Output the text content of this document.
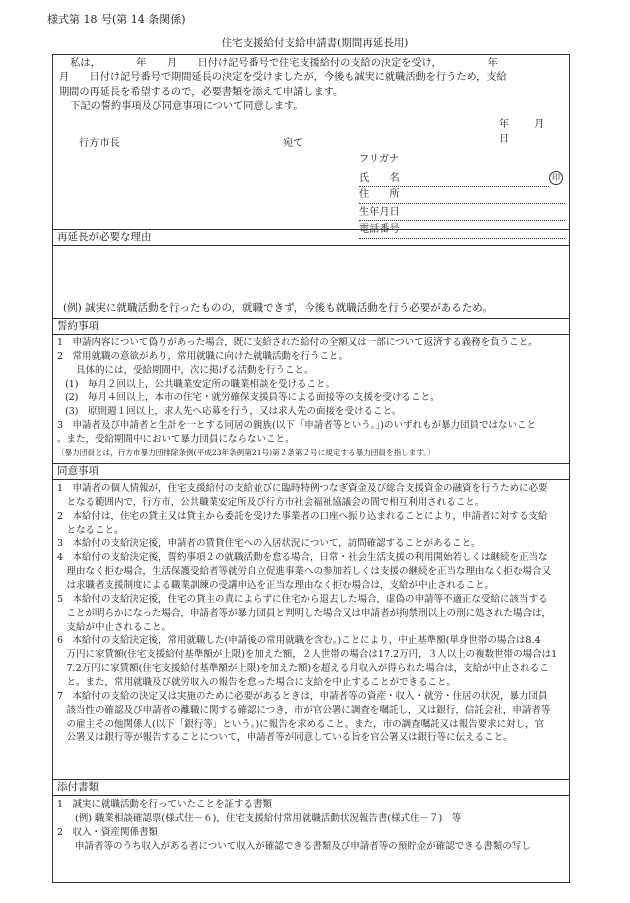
様式第 18 号(第 14 条関係)
住宅支援給付支給申請書(期間再延長用)

私は，　　　　年　　月　　日付け記号番号で住宅支援給付の支給の決定を受け，　　　　　年

月　　日付け記号番号で期間延長の決定を受けましたが，今後も誠実に就職活動を行うため，支給

期間の再延長を希望するので，必要書類を添えて申請します。

下記の誓約事項及び同意事項について同意します。

年 月 日
行方市長	宛て
フリガナ
氏　　名	印
住　　所
生年月日
電話番号
再延長が必要な理由
(例) 誠実に就職活動を行ったものの，就職できず，今後も就職活動を行う必要があるため。
誓約事項

1　申請内容について偽りがあった場合，既に支給された給付の全額又は一部について返済する義務を負うこと。

2　常用就職の意欲があり，常用就職に向けた就職活動を行うこと。

　　具体的には，受給期間中，次に掲げる活動を行うこと。

(1)　毎月２回以上，公共職業安定所の職業相談を受けること。

(2)　毎月４回以上，本市の住宅・就労確保支援員等による面接等の支援を受けること。

(3)　原則週１回以上，求人先へ応募を行う，又は求人先の面接を受けること。

3　申請者及び申請者と生計を一とする同居の親族(以下「申請者等という。」)のいずれもが暴力団員ではないこと

。また，受給期間中において暴力団員にならないこと。

〔暴力団員とは，行方市暴力団排除条例(平成23年条例第21号)第２条第２号に規定する暴力団員を指します。〕

同意事項

1　申請者の個人情報が，住宅支援給付の支給並びに臨時特例つなぎ資金及び総合支援資金の融資を行うために必要

　となる範囲内で，行方市，公共職業安定所及び行方市社会福祉協議会の間で相互利用されること。

2　本給付は，住宅の貸主又は貸主から委託を受けた事業者の口座へ振り込まれることにより，申請者に対する支給

　となること。

3　本給付の支給決定後，申請者の賃貸住宅への入居状況について，訪問確認することがあること。

4　本給付の支給決定後，誓約事項２の就職活動を怠る場合，日常・社会生活支援の利用開始若しくは継続を正当な

　理由なく拒む場合，生活保護受給者等就労自立促進事業への参加若しくは支援の継続を正当な理由なく拒む場合又

　は求職者支援制度による職業訓練の受講申込を正当な理由なく拒む場合は，支給が中止されること。

5　本給付の支給決定後，住宅の貸主の責によらずに住宅から退去した場合，虚偽の申請等不適正な受給に該当する

　ことが明らかになった場合，申請者等が暴力団員と判明した場合又は申請者が拘禁刑以上の刑に処された場合は，

　支給が中止されること。

6　本給付の支給決定後，常用就職した(申請後の常用就職を含む。)ことにより，中止基準額(単身世帯の場合は8.4

　万円に家賃額(住宅支援給付基準額が上限)を加えた額，２人世帯の場合は17.2万円，３人以上の複数世帯の場合は1

　7.2万円に家賃額(住宅支援給付基準額が上限)を加えた額)を超える月収入が得られた場合は，支給が中止されるこ

　と。また，常用就職及び就労収入の報告を怠った場合に支給を中止することができること。

7　本給付の支給の決定又は実施のために必要があるときは，申請者等の資産・収入・就労・住居の状況，暴力団員

　該当性の確認及び申請者の離職に関する確認につき，市が官公署に調査を嘱託し，又は銀行，信託会社，申請者等

　の雇主その他関係人(以下「銀行等」という。)に報告を求めること。また，市の調査嘱託又は報告要求に対し，官

　公署又は銀行等が報告することについて，申請者等が同意している旨を官公署又は銀行等に伝えること。

添付書類

1　誠実に就職活動を行っていたことを証する書類

(例) 職業相談確認票(様式住－６)，住宅支援給付常用就職活動状況報告書(様式住－７)　等

2　収入・資産関係書類

申請者等のうち収入がある者について収入が確認できる書類及び申請者等の預貯金が確認できる書類の写し
